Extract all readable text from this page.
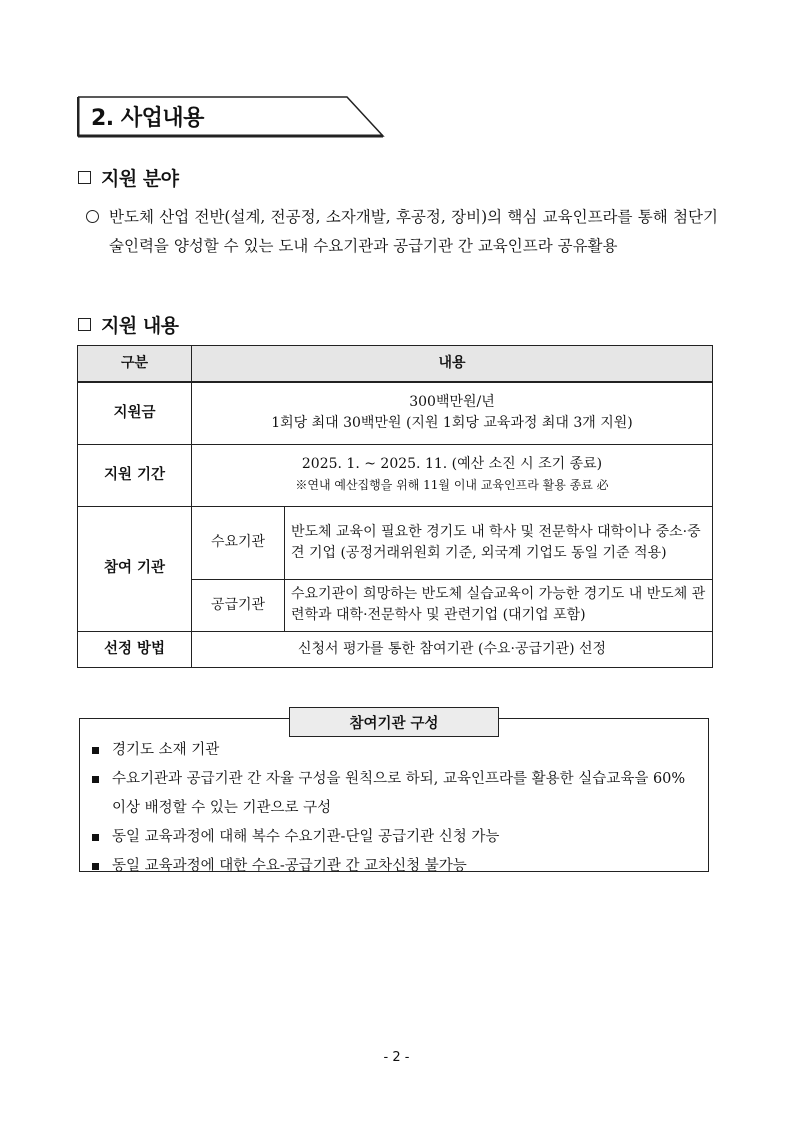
2. 사업내용
지원 분야
반도체 산업 전반(설계, 전공정, 소자개발, 후공정, 장비)의 핵심 교육인프라를 통해 첨단기술인력을 양성할 수 있는 도내 수요기관과 공급기관 간 교육인프라 공유활용
지원 내용
구분	내용	
지원금	300백만원/년
1회당 최대 30백만원 (지원 1회당 교육과정 최대 3개 지원)	

지원 기간	2025. 1. ~ 2025. 11. (예산 소진 시 조기 종료)
※연내 예산집행을 위해 11월 이내 교육인프라 활용 종료 必	

참여 기관	수요기관	반도체 교육이 필요한 경기도 내 학사 및 전문학사 대학이나 중소·중견 기업 (공정거래위원회 기준, 외국계 기업도 동일 기준 적용)
	공급기관	수요기관이 희망하는 반도체 실습교육이 가능한 경기도 내 반도체 관련학과 대학·전문학사 및 관련기업 (대기업 포함)
선정 방법	신청서 평가를 통한 참여기관 (수요·공급기관) 선정	
참여기관 구성
경기도 소재 기관
수요기관과 공급기관 간 자율 구성을 원칙으로 하되, 교육인프라를 활용한 실습교육을 60% 이상 배정할 수 있는 기관으로 구성
동일 교육과정에 대해 복수 수요기관-단일 공급기관 신청 가능
동일 교육과정에 대한 수요-공급기관 간 교차신청 불가능
- 2 -
